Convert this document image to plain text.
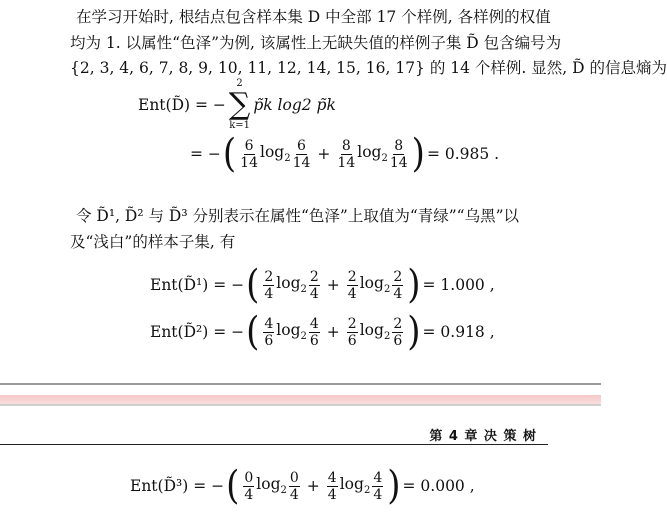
在学习开始时, 根结点包含样本集 D 中全部 17 个样例, 各样例的权值
均为 1. 以属性“色泽”为例, 该属性上无缺失值的样例子集 D̃ 包含编号为
{2, 3, 4, 6, 7, 8, 9, 10, 11, 12, 14, 15, 16, 17} 的 14 个样例. 显然, D̃ 的信息熵为
Ent(D̃) = −
2
∑
k=1
p̃k log2 p̃k
= − ( $\frac{6}{14} \log_2 \frac{6}{14} + \frac{8}{14} \log_2 \frac{8}{14}$ ) = 0.985 .
令 D̃¹, D̃² 与 D̃³ 分别表示在属性“色泽”上取值为“青绿”“乌黑”以
及“浅白”的样本子集, 有
Ent(D̃¹) = − ( $\frac{2}{4} \log_2 \frac{2}{4} + \frac{2}{4} \log_2 \frac{2}{4}$ ) = 1.000 ,
Ent(D̃²) = − ( $\frac{4}{6} \log_2 \frac{4}{6} + \frac{2}{6} \log_2 \frac{2}{6}$ ) = 0.918 ,
第 4 章 决 策 树
Ent(D̃³) = − ( $\frac{0}{4} \log_2 \frac{0}{4} + \frac{4}{4} \log_2 \frac{4}{4}$ ) = 0.000 ,
